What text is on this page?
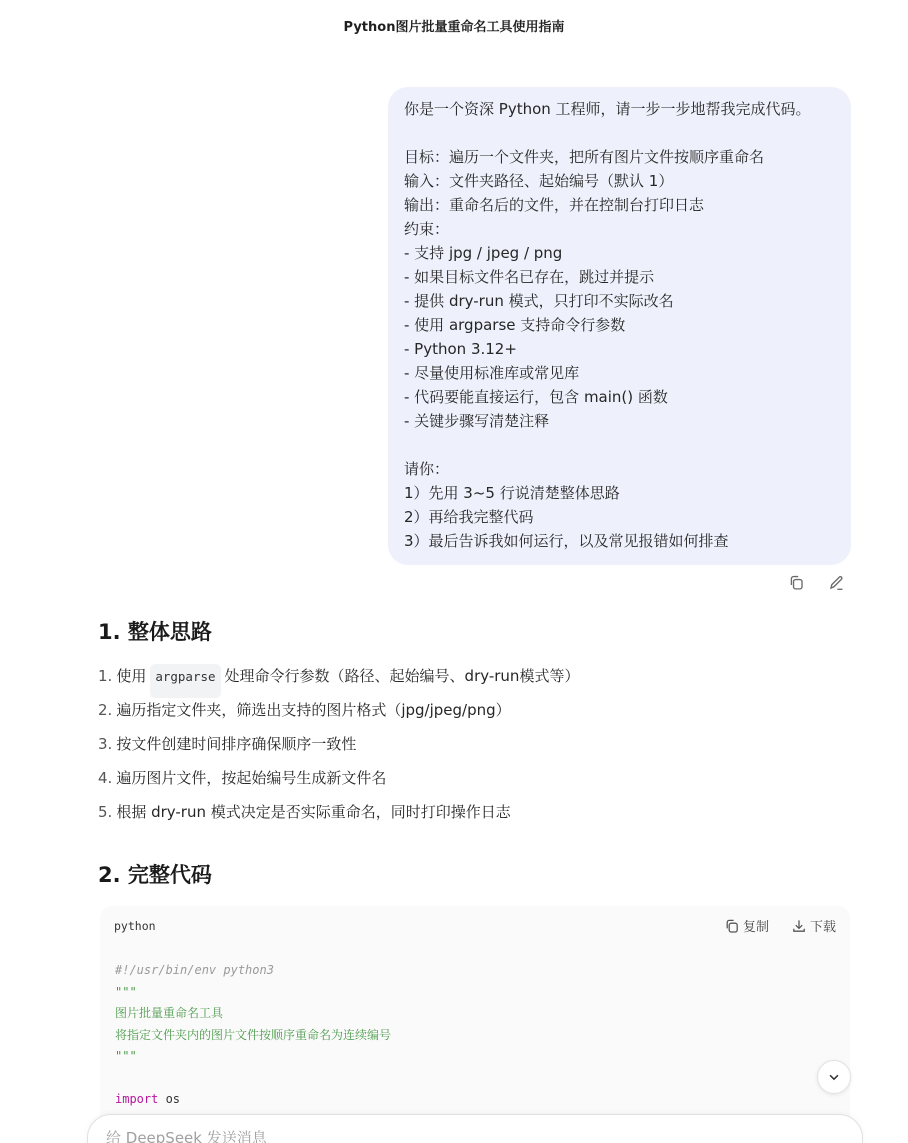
Python图片批量重命名工具使用指南
你是一个资深 Python 工程师，请一步一步地帮我完成代码。
目标：遍历一个文件夹，把所有图片文件按顺序重命名
输入：文件夹路径、起始编号（默认 1）
输出：重命名后的文件，并在控制台打印日志
约束：
- 支持 jpg / jpeg / png
- 如果目标文件名已存在，跳过并提示
- 提供 dry-run 模式，只打印不实际改名
- 使用 argparse 支持命令行参数
- Python 3.12+
- 尽量使用标准库或常见库
- 代码要能直接运行，包含 main() 函数
- 关键步骤写清楚注释
请你：
1）先用 3~5 行说清楚整体思路
2）再给我完整代码
3）最后告诉我如何运行，以及常见报错如何排查
1. 整体思路
1. 使用 argparse 处理命令行参数（路径、起始编号、dry-run模式等）
2. 遍历指定文件夹，筛选出支持的图片格式（jpg/jpeg/png）
3. 按文件创建时间排序确保顺序一致性
4. 遍历图片文件，按起始编号生成新文件名
5. 根据 dry-run 模式决定是否实际重命名，同时打印操作日志
2. 完整代码
python	复制	下载
#!/usr/bin/env python3
"""
图片批量重命名工具
将指定文件夹内的图片文件按顺序重命名为连续编号
"""
import os
给 DeepSeek 发送消息
